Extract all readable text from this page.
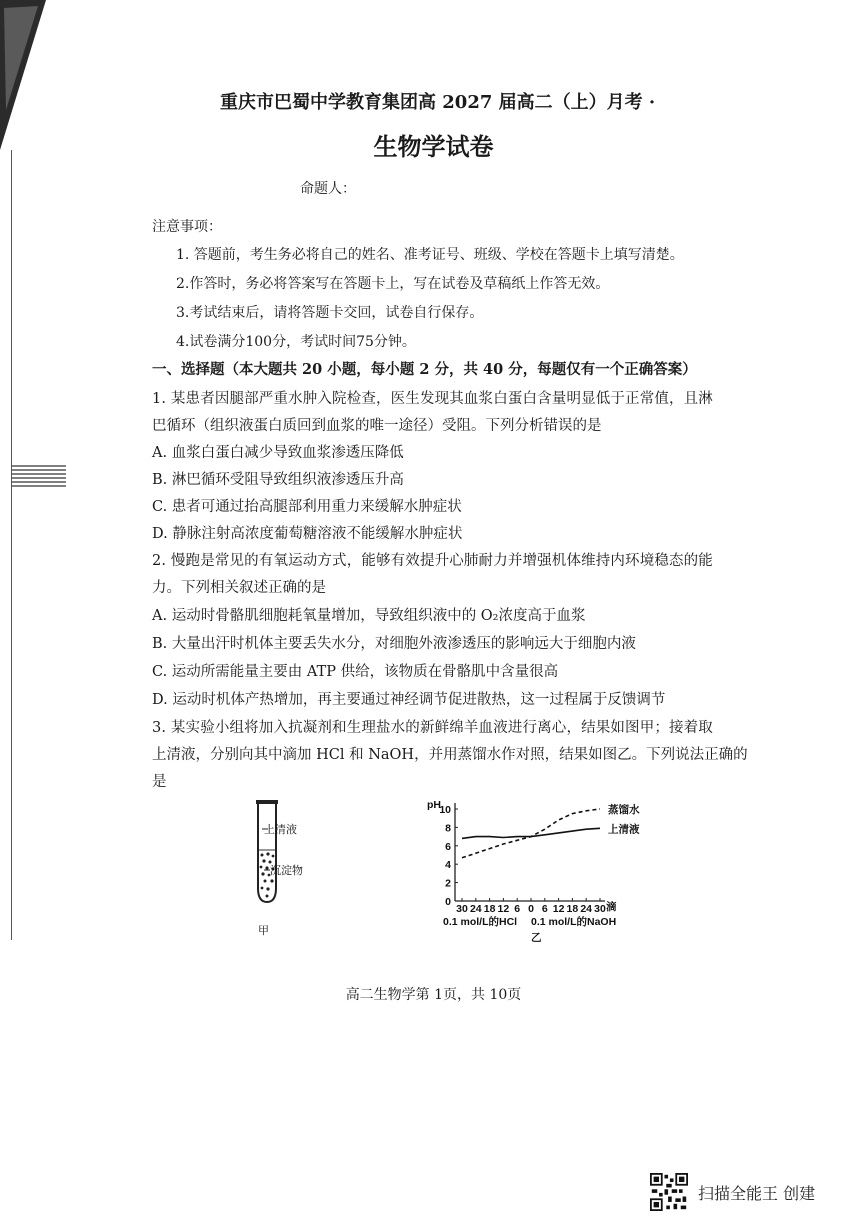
重庆市巴蜀中学教育集团高 2027 届高二（上）月考 ·
生物学试卷
命题人：
注意事项：
1. 答题前，考生务必将自己的姓名、准考证号、班级、学校在答题卡上填写清楚。
2.作答时，务必将答案写在答题卡上，写在试卷及草稿纸上作答无效。
3.考试结束后，请将答题卡交回，试卷自行保存。
4.试卷满分100分，考试时间75分钟。
一、选择题（本大题共 20 小题，每小题 2 分，共 40 分，每题仅有一个正确答案）
1. 某患者因腿部严重水肿入院检查，医生发现其血浆白蛋白含量明显低于正常值，且淋
巴循环（组织液蛋白质回到血浆的唯一途径）受阻。下列分析错误的是
A. 血浆白蛋白减少导致血浆渗透压降低
B. 淋巴循环受阻导致组织液渗透压升高
C. 患者可通过抬高腿部利用重力来缓解水肿症状
D. 静脉注射高浓度葡萄糖溶液不能缓解水肿症状
2. 慢跑是常见的有氧运动方式，能够有效提升心肺耐力并增强机体维持内环境稳态的能
力。下列相关叙述正确的是
A. 运动时骨骼肌细胞耗氧量增加，导致组织液中的 O₂浓度高于血浆
B. 大量出汗时机体主要丢失水分，对细胞外液渗透压的影响远大于细胞内液
C. 运动所需能量主要由 ATP 供给，该物质在骨骼肌中含量很高
D. 运动时机体产热增加，再主要通过神经调节促进散热，这一过程属于反馈调节
3. 某实验小组将加入抗凝剂和生理盐水的新鲜绵羊血液进行离心，结果如图甲；接着取
上清液，分别向其中滴加 HCl 和 NaOH，并用蒸馏水作对照，结果如图乙。下列说法正确的
是
上清液
沉淀物
甲
pH
0
2
4
6
8
10
30 24 18 12 6 0 6 12 18 24 30
蒸馏水
上清液
滴
0.1 mol/L的HCl 0.1 mol/L的NaOH
乙
高二生物学第 1页，共 10页
扫描全能王 创建
